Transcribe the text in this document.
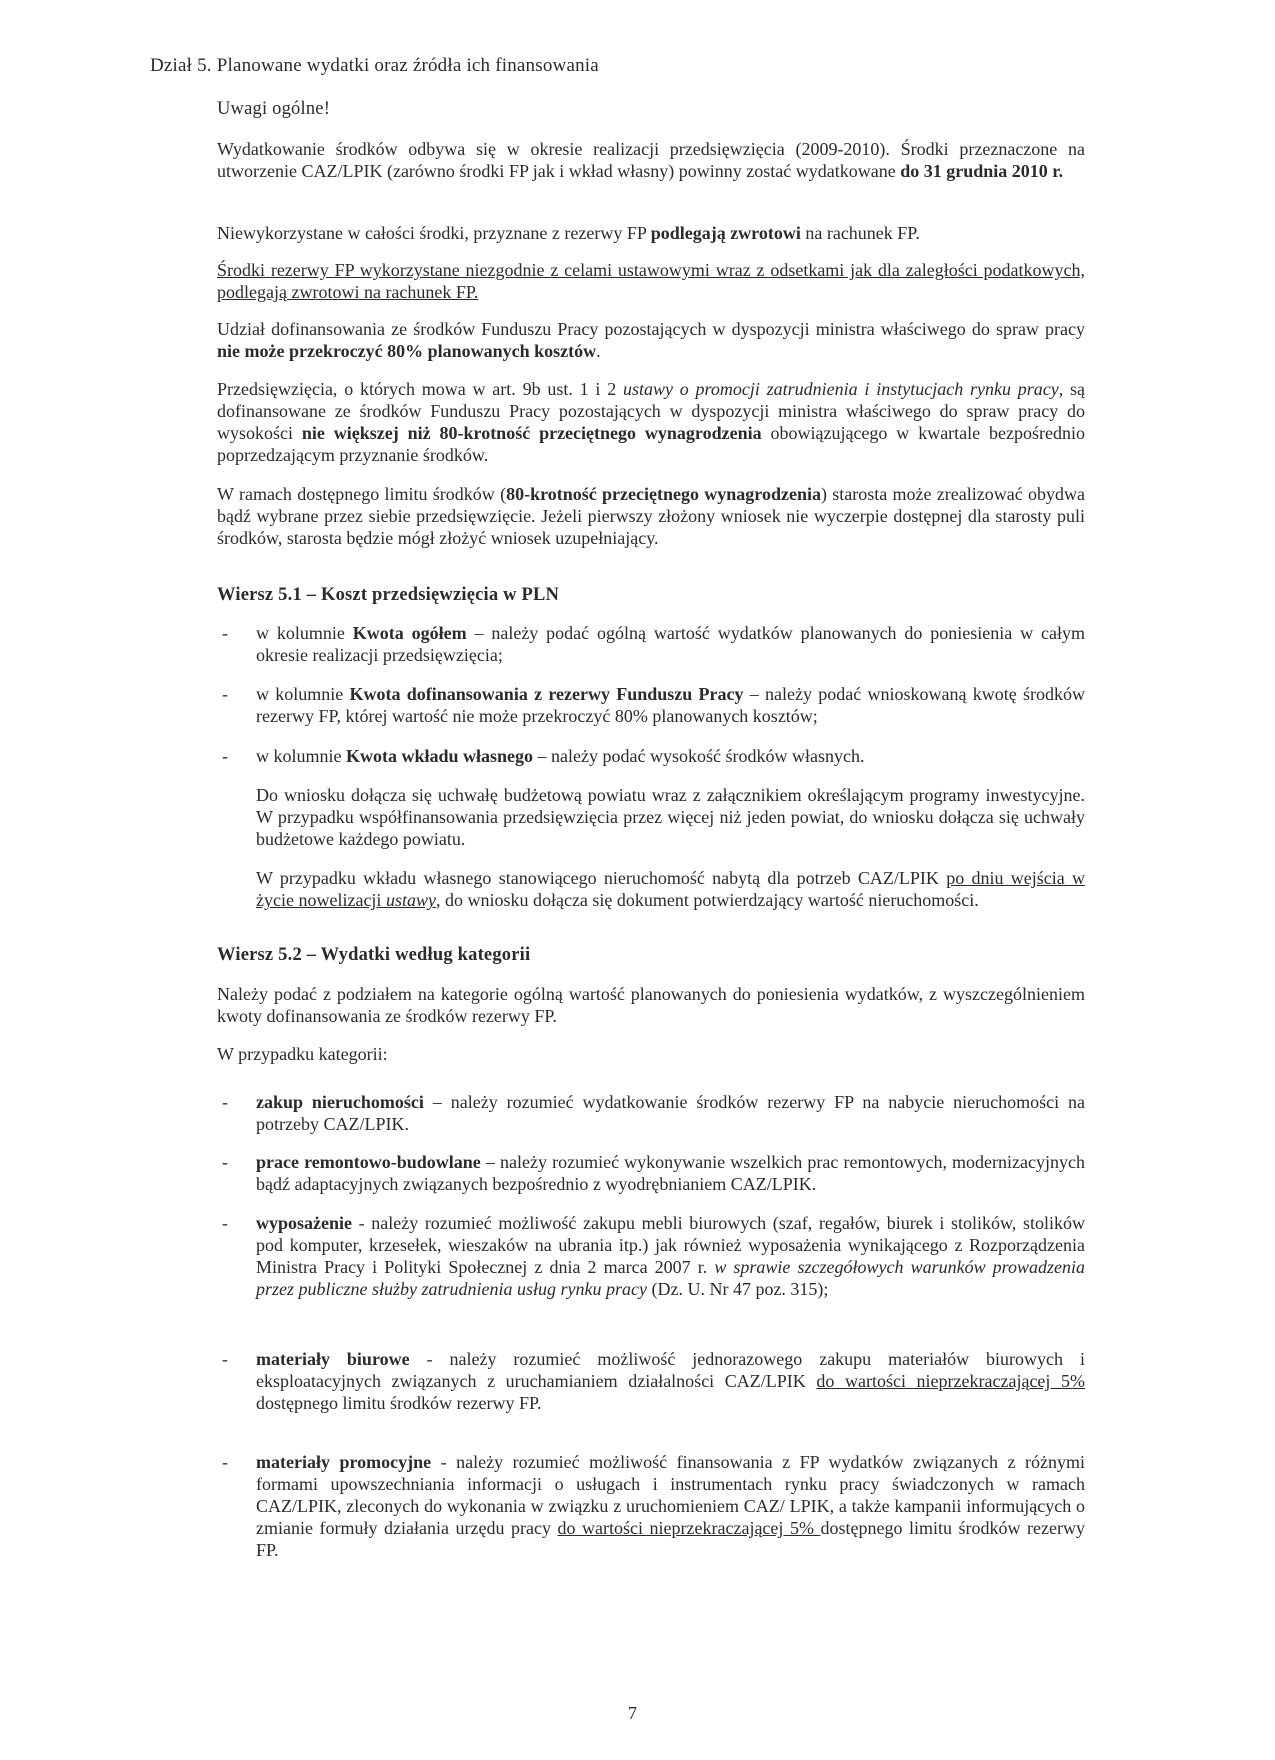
Dział 5. Planowane wydatki oraz źródła ich finansowania
Uwagi ogólne!
Wydatkowanie środków odbywa się w okresie realizacji przedsięwzięcia (2009-2010). Środki przeznaczone na utworzenie CAZ/LPIK (zarówno środki FP jak i wkład własny) powinny zostać wydatkowane do 31 grudnia 2010 r.
Niewykorzystane w całości środki, przyznane z rezerwy FP podlegają zwrotowi na rachunek FP.
Środki rezerwy FP wykorzystane niezgodnie z celami ustawowymi wraz z odsetkami jak dla zaległości podatkowych, podlegają zwrotowi na rachunek FP.
Udział dofinansowania ze środków Funduszu Pracy pozostających w dyspozycji ministra właściwego do spraw pracy nie może przekroczyć 80% planowanych kosztów.
Przedsięwzięcia, o których mowa w art. 9b ust. 1 i 2 ustawy o promocji zatrudnienia i instytucjach rynku pracy, są dofinansowane ze środków Funduszu Pracy pozostających w dyspozycji ministra właściwego do spraw pracy do wysokości nie większej niż 80-krotność przeciętnego wynagrodzenia obowiązującego w kwartale bezpośrednio poprzedzającym przyznanie środków.
W ramach dostępnego limitu środków (80-krotność przeciętnego wynagrodzenia) starosta może zrealizować obydwa bądź wybrane przez siebie przedsięwzięcie. Jeżeli pierwszy złożony wniosek nie wyczerpie dostępnej dla starosty puli środków, starosta będzie mógł złożyć wniosek uzupełniający.
Wiersz 5.1 – Koszt przedsięwzięcia w PLN
-	w kolumnie Kwota ogółem – należy podać ogólną wartość wydatków planowanych do poniesienia w całym okresie realizacji przedsięwzięcia;
-	w kolumnie Kwota dofinansowania z rezerwy Funduszu Pracy – należy podać wnioskowaną kwotę środków rezerwy FP, której wartość nie może przekroczyć 80% planowanych kosztów;
-	w kolumnie Kwota wkładu własnego – należy podać wysokość środków własnych.
Do wniosku dołącza się uchwałę budżetową powiatu wraz z załącznikiem określającym programy inwestycyjne. W przypadku współfinansowania przedsięwzięcia przez więcej niż jeden powiat, do wniosku dołącza się uchwały budżetowe każdego powiatu.
W przypadku wkładu własnego stanowiącego nieruchomość nabytą dla potrzeb CAZ/LPIK po dniu wejścia w życie nowelizacji ustawy, do wniosku dołącza się dokument potwierdzający wartość nieruchomości.
Wiersz 5.2 – Wydatki według kategorii
Należy podać z podziałem na kategorie ogólną wartość planowanych do poniesienia wydatków, z wyszczególnieniem kwoty dofinansowania ze środków rezerwy FP.
W przypadku kategorii:
-	zakup nieruchomości – należy rozumieć wydatkowanie środków rezerwy FP na nabycie nieruchomości na potrzeby CAZ/LPIK.
-	prace remontowo-budowlane – należy rozumieć wykonywanie wszelkich prac remontowych, modernizacyjnych bądź adaptacyjnych związanych bezpośrednio z wyodrębnianiem CAZ/LPIK.
-	wyposażenie - należy rozumieć możliwość zakupu mebli biurowych (szaf, regałów, biurek i stolików, stolików pod komputer, krzesełek, wieszaków na ubrania itp.) jak również wyposażenia wynikającego z Rozporządzenia Ministra Pracy i Polityki Społecznej z dnia 2 marca 2007 r. w sprawie szczegółowych warunków prowadzenia przez publiczne służby zatrudnienia usług rynku pracy (Dz. U. Nr 47 poz. 315);
-	materiały biurowe - należy rozumieć możliwość jednorazowego zakupu materiałów biurowych i eksploatacyjnych związanych z uruchamianiem działalności CAZ/LPIK do wartości nieprzekraczającej 5% dostępnego limitu środków rezerwy FP.
-	materiały promocyjne - należy rozumieć możliwość finansowania z FP wydatków związanych z różnymi formami upowszechniania informacji o usługach i instrumentach rynku pracy świadczonych w ramach CAZ/LPIK, zleconych do wykonania w związku z uruchomieniem CAZ/ LPIK, a także kampanii informujących o zmianie formuły działania urzędu pracy do wartości nieprzekraczającej 5% dostępnego limitu środków rezerwy FP.
7
